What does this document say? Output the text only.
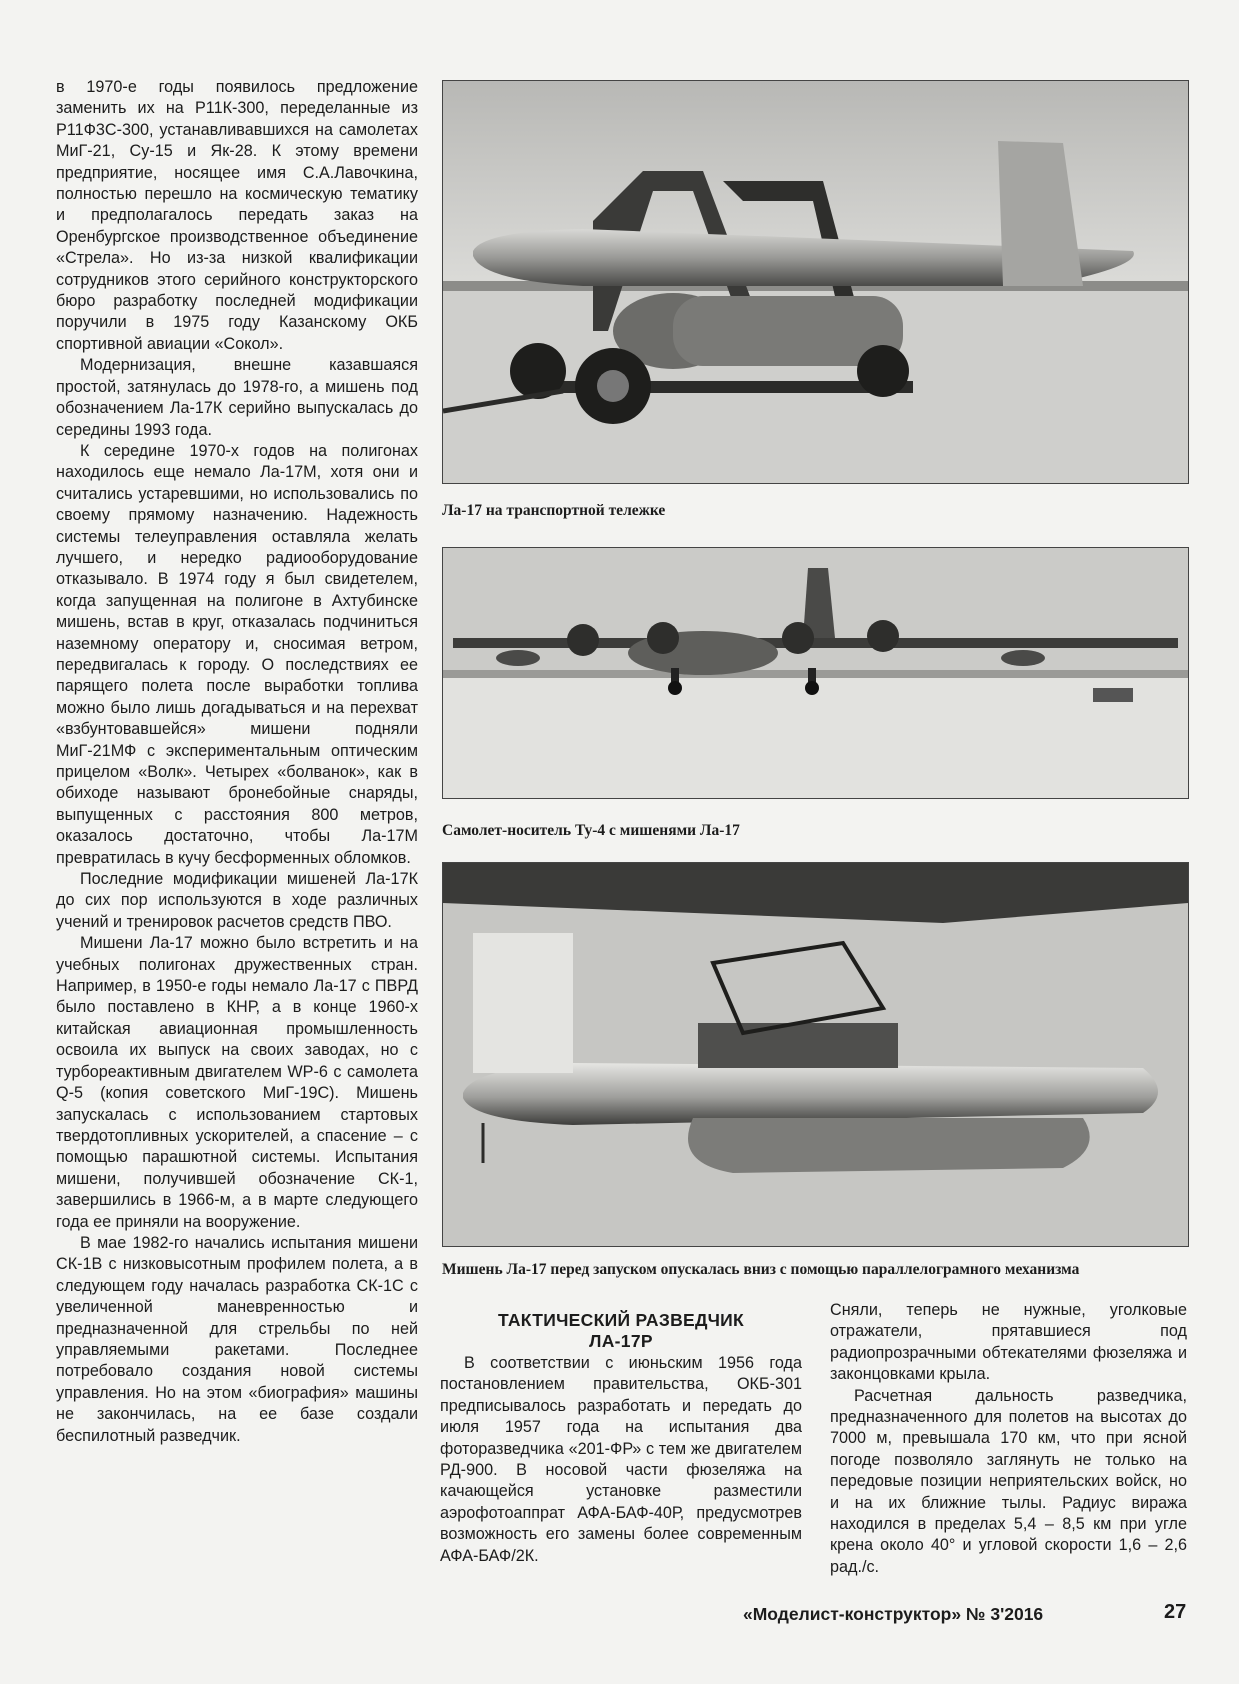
в 1970-е годы появилось предложение заменить их на Р11К-300, переделанные из Р11Ф3С-300, устанавливавшихся на самолетах МиГ-21, Су-15 и Як-28. К этому времени предприятие, носящее имя С.А.Лавочкина, полностью перешло на космическую тематику и предполагалось передать заказ на Оренбургское производственное объединение «Стрела». Но из-за низкой квалификации сотрудников этого серийного конструкторского бюро разработку последней модификации поручили в 1975 году Казанскому ОКБ спортивной авиации «Сокол».

Модернизация, внешне казавшаяся простой, затянулась до 1978-го, а мишень под обозначением Ла-17К серийно выпускалась до середины 1993 года.

К середине 1970-х годов на полигонах находилось еще немало Ла-17М, хотя они и считались устаревшими, но использовались по своему прямому назначению. Надежность системы телеуправления оставляла желать лучшего, и нередко радиооборудование отказывало. В 1974 году я был свидетелем, когда запущенная на полигоне в Ахтубинске мишень, встав в круг, отказалась подчиниться наземному оператору и, сносимая ветром, передвигалась к городу. О последствиях ее парящего полета после выработки топлива можно было лишь догадываться и на перехват «взбунтовавшейся» мишени подняли МиГ-21МФ с экспериментальным оптическим прицелом «Волк». Четырех «болванок», как в обиходе называют бронебойные снаряды, выпущенных с расстояния 800 метров, оказалось достаточно, чтобы Ла-17М превратилась в кучу бесформенных обломков.

Последние модификации мишеней Ла-17К до сих пор используются в ходе различных учений и тренировок расчетов средств ПВО.

Мишени Ла-17 можно было встретить и на учебных полигонах дружественных стран. Например, в 1950-е годы немало Ла-17 с ПВРД было поставлено в КНР, а в конце 1960-х китайская авиационная промышленность освоила их выпуск на своих заводах, но с турбореактивным двигателем WP-6 с самолета Q-5 (копия советского МиГ-19С). Мишень запускалась с использованием стартовых твердотопливных ускорителей, а спасение – с помощью парашютной системы. Испытания мишени, получившей обозначение СК-1, завершились в 1966-м, а в марте следующего года ее приняли на вооружение.

В мае 1982-го начались испытания мишени СК-1В с низковысотным профилем полета, а в следующем году началась разработка СК-1С с увеличенной маневренностью и предназначенной для стрельбы по ней управляемыми ракетами. Последнее потребовало создания новой системы управления. Но на этом «биография» машины не закончилась, на ее базе создали беспилотный разведчик.

Ла-17 на транспортной тележке
Самолет-носитель Ту-4 с мишенями Ла-17
Мишень Ла-17 перед запуском опускалась вниз с помощью параллелограмного механизма
ТАКТИЧЕСКИЙ РАЗВЕДЧИК
ЛА-17Р

В соответствии с июньским 1956 года постановлением правительства, ОКБ-301 предписывалось разработать и передать до июля 1957 года на испытания два фоторазведчика «201-ФР» с тем же двигателем РД-900. В носовой части фюзеляжа на качающейся установке разместили аэрофотоаппрат АФА-БАФ-40Р, предусмотрев возможность его замены более современным АФА-БАФ/2К.

Сняли, теперь не нужные, уголковые отражатели, прятавшиеся под радиопрозрачными обтекателями фюзеляжа и законцовками крыла.

Расчетная дальность разведчика, предназначенного для полетов на высотах до 7000 м, превышала 170 км, что при ясной погоде позволяло заглянуть не только на передовые позиции неприятельских войск, но и на их ближние тылы. Радиус виража находился в пределах 5,4 – 8,5 км при угле крена около 40° и угловой скорости 1,6 – 2,6 рад./с.

«Моделист-конструктор» № 3'2016	27
